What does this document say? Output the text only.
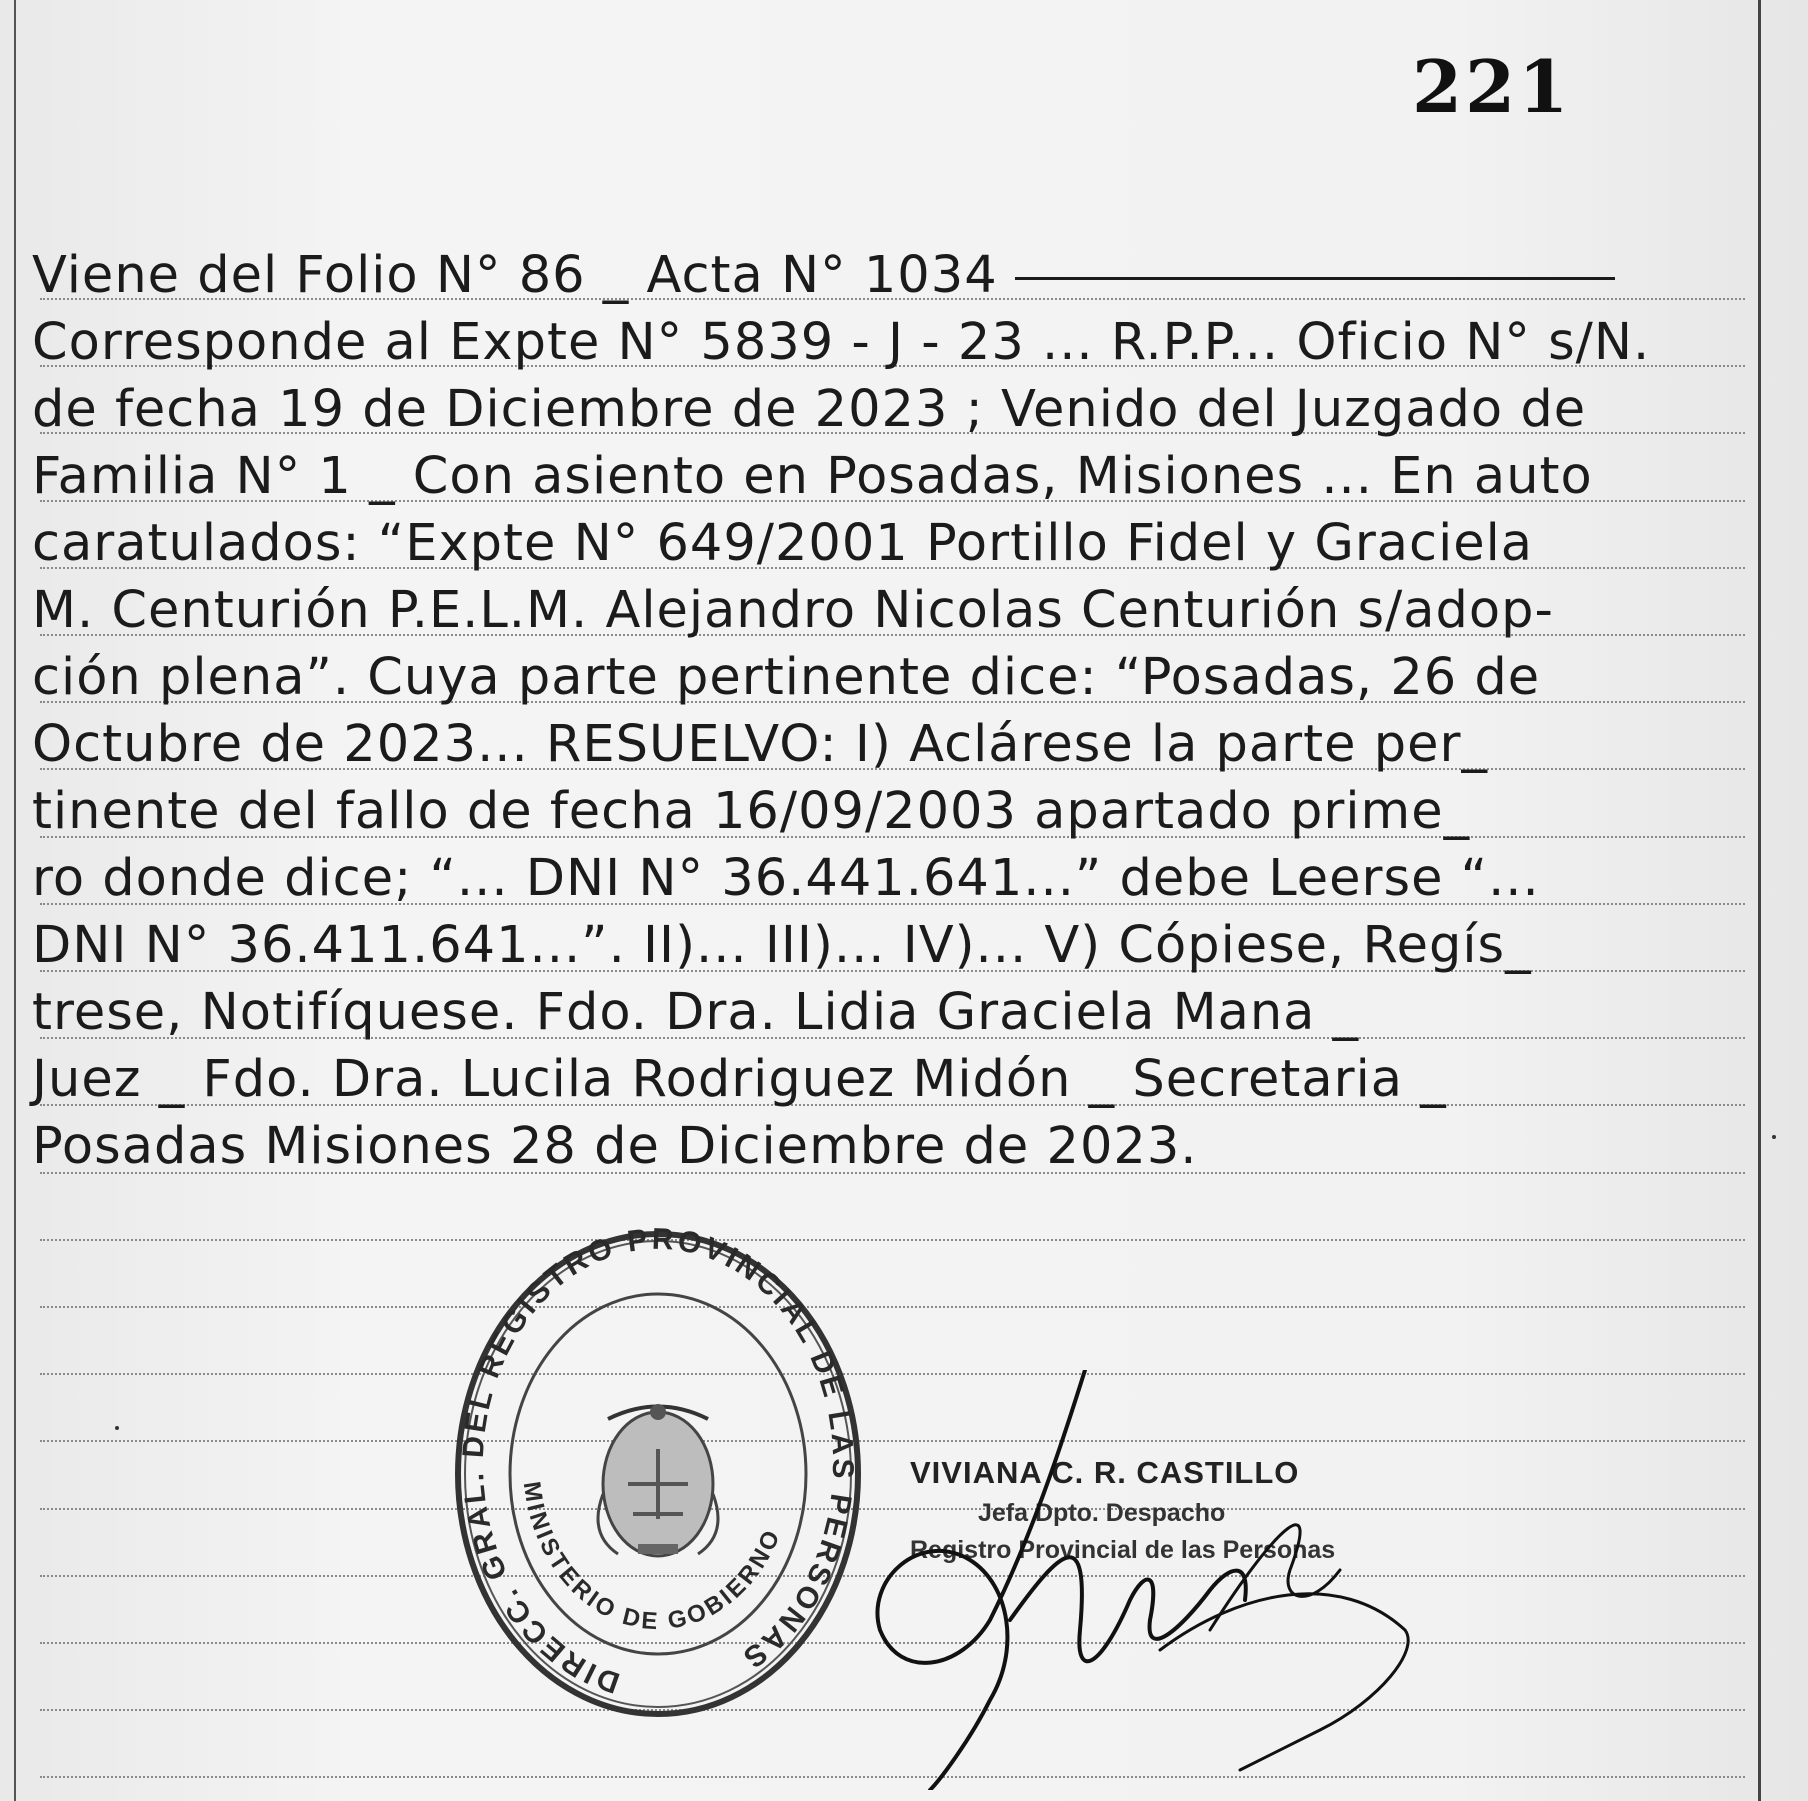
221
Viene del Folio N° 86 _ Acta N° 1034
Corresponde al Expte N° 5839 - J - 23 ... R.P.P... Oficio N° s/N.
de fecha 19 de Diciembre de 2023 ; Venido del Juzgado de
Familia N° 1 _ Con asiento en Posadas, Misiones ... En auto
caratulados: “Expte N° 649/2001 Portillo Fidel y Graciela
M. Centurión P.E.L.M. Alejandro Nicolas Centurión s/adop-
ción plena”. Cuya parte pertinente dice: “Posadas, 26 de
Octubre de 2023... RESUELVO: I) Aclárese la parte per_
tinente del fallo de fecha 16/09/2003 apartado prime_
ro donde dice; “... DNI N° 36.441.641...” debe Leerse “...
DNI N° 36.411.641...”. II)... III)... IV)... V) Cópiese, Regís_
trese, Notifíquese. Fdo. Dra. Lidia Graciela Mana _
Juez _ Fdo. Dra. Lucila Rodriguez Midón _ Secretaria _
Posadas Misiones 28 de Diciembre de 2023.
DIRECC. GRAL. DEL REGISTRO PROVINCIAL DE LAS PERSONAS
MINISTERIO DE GOBIERNO
VIVIANA C. R. CASTILLO
Jefa Dpto. Despacho
Registro Provincial de las Personas
